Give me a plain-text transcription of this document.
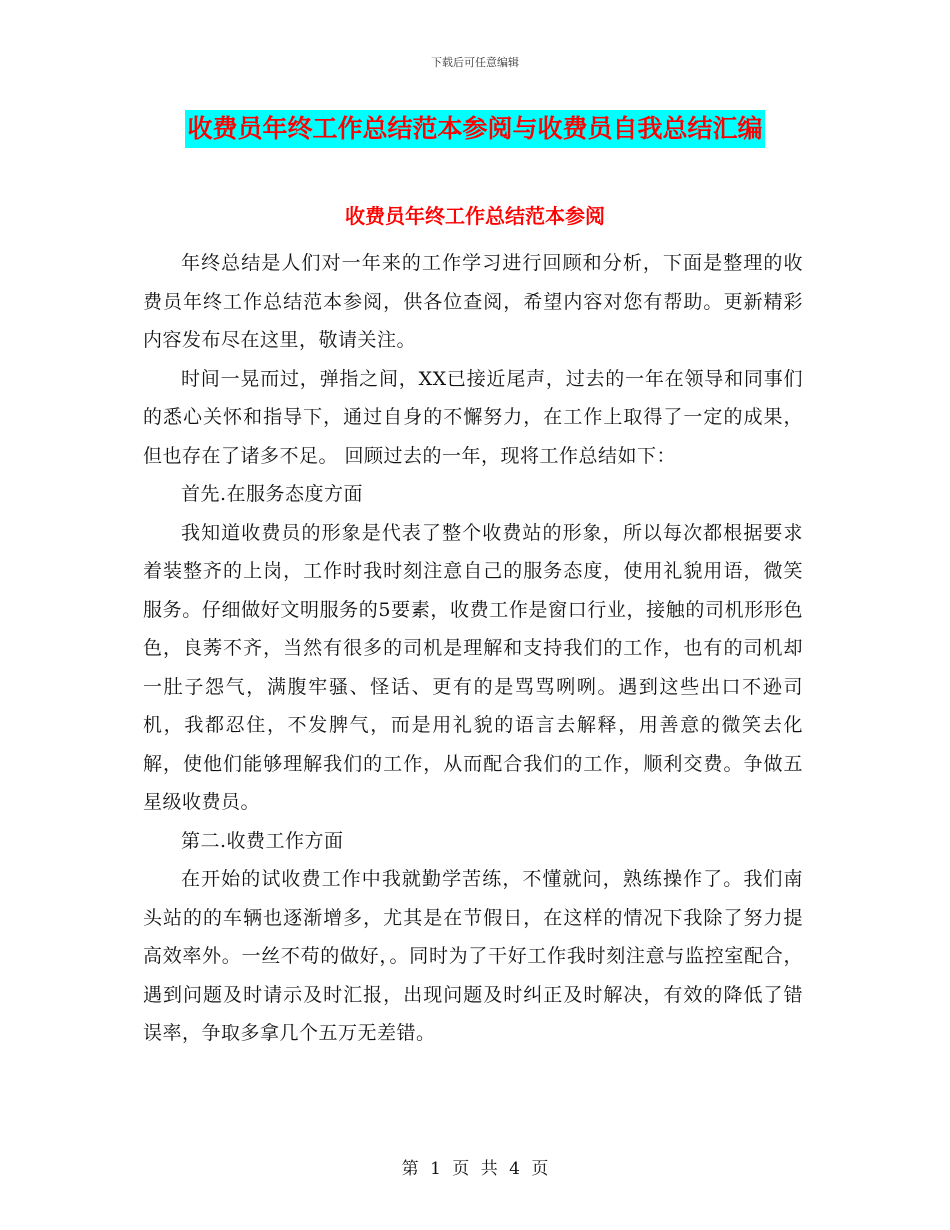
下载后可任意编辑
收费员年终工作总结范本参阅与收费员自我总结汇编
收费员年终工作总结范本参阅

年终总结是人们对一年来的工作学习进行回顾和分析，下面是整理的收费员年终工作总结范本参阅，供各位查阅，希望内容对您有帮助。更新精彩内容发布尽在这里，敬请关注。

时间一晃而过，弹指之间，XX已接近尾声，过去的一年在领导和同事们的悉心关怀和指导下，通过自身的不懈努力，在工作上取得了一定的成果，但也存在了诸多不足。 回顾过去的一年，现将工作总结如下：

首先.在服务态度方面

我知道收费员的形象是代表了整个收费站的形象，所以每次都根据要求着装整齐的上岗，工作时我时刻注意自己的服务态度，使用礼貌用语，微笑服务。仔细做好文明服务的5要素，收费工作是窗口行业，接触的司机形形色色，良莠不齐，当然有很多的司机是理解和支持我们的工作，也有的司机却一肚子怨气，满腹牢骚、怪话、更有的是骂骂咧咧。遇到这些出口不逊司机，我都忍住，不发脾气，而是用礼貌的语言去解释，用善意的微笑去化解，使他们能够理解我们的工作，从而配合我们的工作，顺利交费。争做五星级收费员。

第二.收费工作方面

在开始的试收费工作中我就勤学苦练，不懂就问，熟练操作了。我们南头站的的车辆也逐渐增多，尤其是在节假日，在这样的情况下我除了努力提高效率外。一丝不苟的做好，。同时为了干好工作我时刻注意与监控室配合，遇到问题及时请示及时汇报，出现问题及时纠正及时解决，有效的降低了错误率，争取多拿几个五万无差错。

第 1 页 共 4 页
